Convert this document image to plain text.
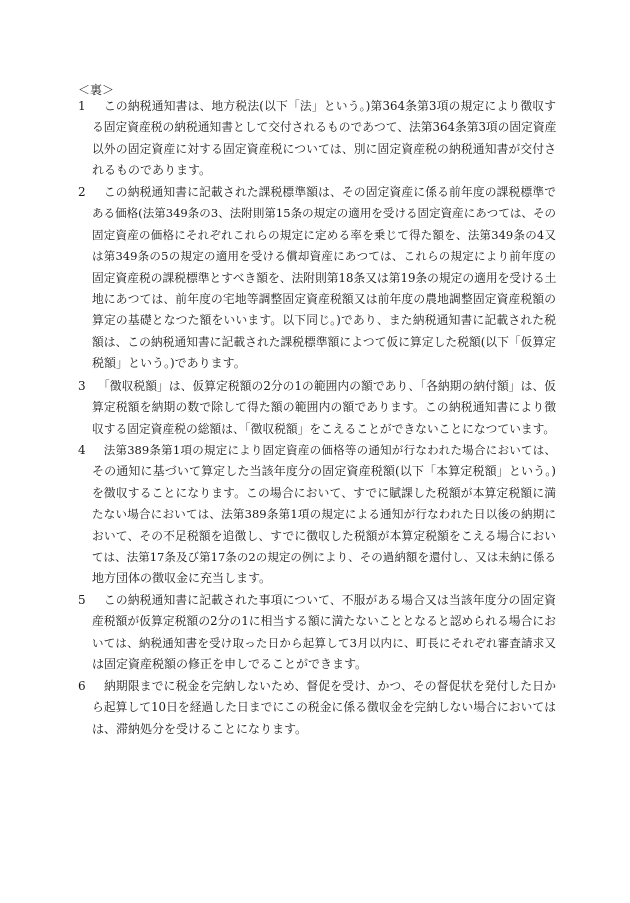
＜裏＞
1 　この納税通知書は、地方税法(以下「法」という。)第364条第3項の規定により徴収す
る固定資産税の納税通知書として交付されるものであつて、法第364条第3項の固定資産
以外の固定資産に対する固定資産税については、別に固定資産税の納税通知書が交付さ
れるものであります。
2 　この納税通知書に記載された課税標準額は、その固定資産に係る前年度の課税標準で
ある価格(法第349条の3、法附則第15条の規定の適用を受ける固定資産にあつては、その
固定資産の価格にそれぞれこれらの規定に定める率を乗じて得た額を、法第349条の4又
は第349条の5の規定の適用を受ける償却資産にあつては、これらの規定により前年度の
固定資産税の課税標準とすべき額を、法附則第18条又は第19条の規定の適用を受ける土
地にあつては、前年度の宅地等調整固定資産税額又は前年度の農地調整固定資産税額の
算定の基礎となつた額をいいます。以下同じ。)であり、また納税通知書に記載された税
額は、この納税通知書に記載された課税標準額によつて仮に算定した税額(以下「仮算定
税額」という。)であります。
3 　「徴収税額」は、仮算定税額の2分の1の範囲内の額であり、「各納期の納付額」は、仮
算定税額を納期の数で除して得た額の範囲内の額であります。この納税通知書により徴
収する固定資産税の総額は、「徴収税額」をこえることができないことになつています。
4 　法第389条第1項の規定により固定資産の価格等の通知が行なわれた場合においては、
その通知に基づいて算定した当該年度分の固定資産税額(以下「本算定税額」という。)
を徴収することになります。この場合において、すでに賦課した税額が本算定税額に満
たない場合においては、法第389条第1項の規定による通知が行なわれた日以後の納期に
おいて、その不足税額を追徴し、すでに徴収した税額が本算定税額をこえる場合におい
ては、法第17条及び第17条の2の規定の例により、その過納額を還付し、又は未納に係る
地方団体の徴収金に充当します。
5 　この納税通知書に記載された事項について、不服がある場合又は当該年度分の固定資
産税額が仮算定税額の2分の1に相当する額に満たないこととなると認められる場合にお
いては、納税通知書を受け取った日から起算して3月以内に、町長にそれぞれ審査請求又
は固定資産税額の修正を申しでることができます。
6 　納期限までに税金を完納しないため、督促を受け、かつ、その督促状を発付した日か
ら起算して10日を経過した日までにこの税金に係る徴収金を完納しない場合においては
は、滞納処分を受けることになります。
